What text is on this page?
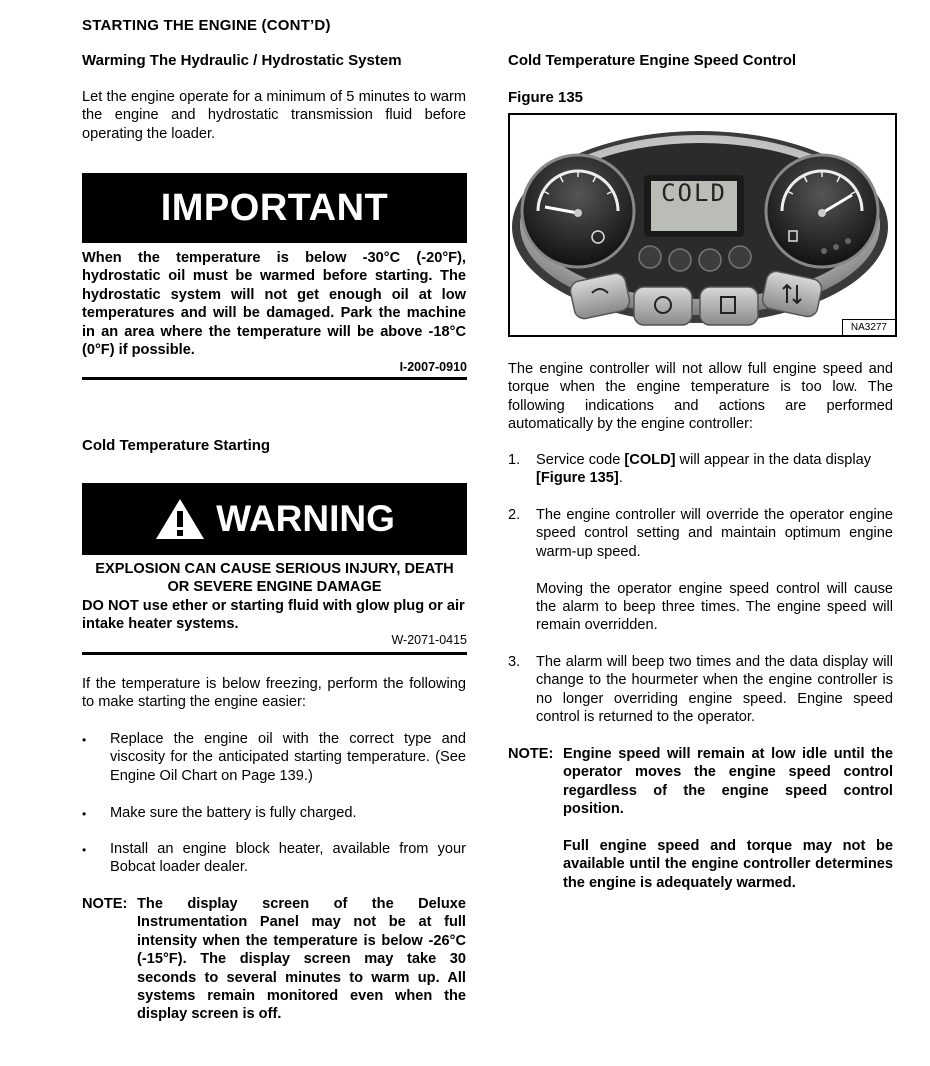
STARTING THE ENGINE (CONT’D)
Warming The Hydraulic / Hydrostatic System
Let the engine operate for a minimum of 5 minutes to warm the engine and hydrostatic transmission fluid before operating the loader.
IMPORTANT
When the temperature is below -30°C (-20°F), hydrostatic oil must be warmed before starting. The hydrostatic system will not get enough oil at low temperatures and will be damaged. Park the machine in an area where the temperature will be above -18°C (0°F) if possible.
I-2007-0910
Cold Temperature Starting
WARNING
EXPLOSION CAN CAUSE SERIOUS INJURY, DEATH
OR SEVERE ENGINE DAMAGE
DO NOT use ether or starting fluid with glow plug or air intake heater systems.
W-2071-0415
If the temperature is below freezing, perform the following to make starting the engine easier:
•	Replace the engine oil with the correct type and viscosity for the anticipated starting temperature. (See Engine Oil Chart on Page 139.)
•	Make sure the battery is fully charged.
•	Install an engine block heater, available from your Bobcat loader dealer.
NOTE: The display screen of the Deluxe Instrumentation Panel may not be at full intensity when the temperature is below -26°C (-15°F). The display screen may take 30 seconds to several minutes to warm up. All systems remain monitored even when the display screen is off.
Cold Temperature Engine Speed Control
Figure 135
COLD
NA3277
The engine controller will not allow full engine speed and torque when the engine temperature is too low. The following indications and actions are performed automatically by the engine controller:
1.	Service code [COLD] will appear in the data display [Figure 135].
2.	The engine controller will override the operator engine speed control setting and maintain optimum engine warm-up speed.
Moving the operator engine speed control will cause the alarm to beep three times. The engine speed will remain overridden.
3.	The alarm will beep two times and the data display will change to the hourmeter when the engine controller is no longer overriding engine speed. Engine speed control is returned to the operator.
NOTE: Engine speed will remain at low idle until the operator moves the engine speed control regardless of the engine speed control position.
Full engine speed and torque may not be available until the engine controller determines the engine is adequately warmed.
